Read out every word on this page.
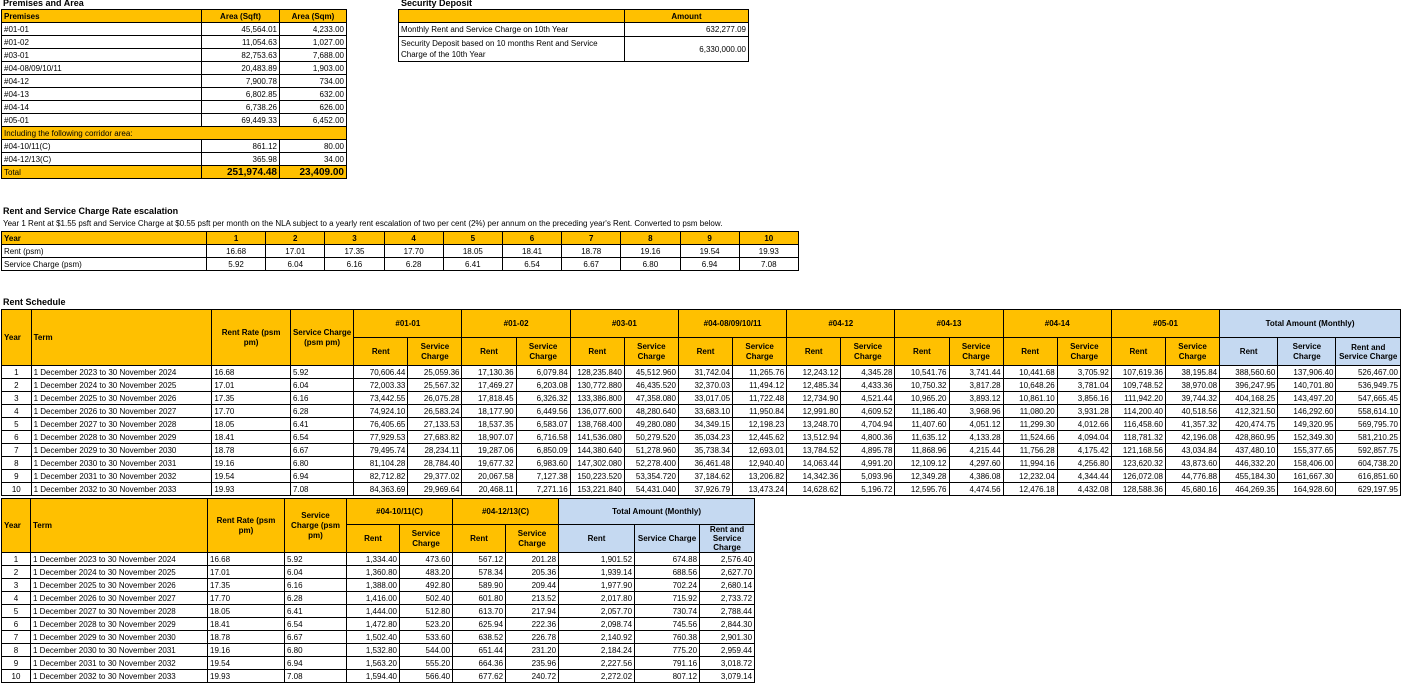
Premises and Area
Premises	Area (Sqft)	Area (Sqm)
#01-01	45,564.01	4,233.00
#01-02	11,054.63	1,027.00
#03-01	82,753.63	7,688.00
#04-08/09/10/11	20,483.89	1,903.00
#04-12	7,900.78	734.00
#04-13	6,802.85	632.00
#04-14	6,738.26	626.00
#05-01	69,449.33	6,452.00
Including the following corridor area:		
#04-10/11(C)	861.12	80.00
#04-12/13(C)	365.98	34.00
Total	251,974.48	23,409.00
Security Deposit
	Amount
Monthly Rent and Service Charge on 10th Year	632,277.09
Security Deposit based on 10 months Rent and Service Charge of the 10th Year	6,330,000.00
Rent and Service Charge Rate escalation
Year 1 Rent at $1.55 psft and Service Charge at $0.55 psft per month on the NLA subject to a yearly rent escalation of two per cent (2%) per annum on the preceding year's Rent. Converted to psm below.
Year	1	2	3	4	5	6	7	8	9	10
Rent (psm)	16.68	17.01	17.35	17.70	18.05	18.41	18.78	19.16	19.54	19.93
Service Charge (psm)	5.92	6.04	6.16	6.28	6.41	6.54	6.67	6.80	6.94	7.08
Rent Schedule
Year	Term	Rent Rate (psm pm)	Service Charge (psm pm)	#01-01		#01-02		#03-01		#04-08/09/10/11		#04-12		#04-13		#04-14		#05-01		Total Amount (Monthly)		
				Rent	Service Charge	Rent	Service Charge	Rent	Service Charge	Rent	Service Charge	Rent	Service Charge	Rent	Service Charge	Rent	Service Charge	Rent	Service Charge	Rent	Service Charge	Rent and Service Charge
1	1 December 2023 to 30 November 2024	16.68	5.92	70,606.44	25,059.36	17,130.36	6,079.84	128,235.840	45,512.960	31,742.04	11,265.76	12,243.12	4,345.28	10,541.76	3,741.44	10,441.68	3,705.92	107,619.36	38,195.84	388,560.60	137,906.40	526,467.00
2	1 December 2024 to 30 November 2025	17.01	6.04	72,003.33	25,567.32	17,469.27	6,203.08	130,772.880	46,435.520	32,370.03	11,494.12	12,485.34	4,433.36	10,750.32	3,817.28	10,648.26	3,781.04	109,748.52	38,970.08	396,247.95	140,701.80	536,949.75
3	1 December 2025 to 30 November 2026	17.35	6.16	73,442.55	26,075.28	17,818.45	6,326.32	133,386.800	47,358.080	33,017.05	11,722.48	12,734.90	4,521.44	10,965.20	3,893.12	10,861.10	3,856.16	111,942.20	39,744.32	404,168.25	143,497.20	547,665.45
4	1 December 2026 to 30 November 2027	17.70	6.28	74,924.10	26,583.24	18,177.90	6,449.56	136,077.600	48,280.640	33,683.10	11,950.84	12,991.80	4,609.52	11,186.40	3,968.96	11,080.20	3,931.28	114,200.40	40,518.56	412,321.50	146,292.60	558,614.10
5	1 December 2027 to 30 November 2028	18.05	6.41	76,405.65	27,133.53	18,537.35	6,583.07	138,768.400	49,280.080	34,349.15	12,198.23	13,248.70	4,704.94	11,407.60	4,051.12	11,299.30	4,012.66	116,458.60	41,357.32	420,474.75	149,320.95	569,795.70
6	1 December 2028 to 30 November 2029	18.41	6.54	77,929.53	27,683.82	18,907.07	6,716.58	141,536.080	50,279.520	35,034.23	12,445.62	13,512.94	4,800.36	11,635.12	4,133.28	11,524.66	4,094.04	118,781.32	42,196.08	428,860.95	152,349.30	581,210.25
7	1 December 2029 to 30 November 2030	18.78	6.67	79,495.74	28,234.11	19,287.06	6,850.09	144,380.640	51,278.960	35,738.34	12,693.01	13,784.52	4,895.78	11,868.96	4,215.44	11,756.28	4,175.42	121,168.56	43,034.84	437,480.10	155,377.65	592,857.75
8	1 December 2030 to 30 November 2031	19.16	6.80	81,104.28	28,784.40	19,677.32	6,983.60	147,302.080	52,278.400	36,461.48	12,940.40	14,063.44	4,991.20	12,109.12	4,297.60	11,994.16	4,256.80	123,620.32	43,873.60	446,332.20	158,406.00	604,738.20
9	1 December 2031 to 30 November 2032	19.54	6.94	82,712.82	29,377.02	20,067.58	7,127.38	150,223.520	53,354.720	37,184.62	13,206.82	14,342.36	5,093.96	12,349.28	4,386.08	12,232.04	4,344.44	126,072.08	44,776.88	455,184.30	161,667.30	616,851.60
10	1 December 2032 to 30 November 2033	19.93	7.08	84,363.69	29,969.64	20,468.11	7,271.16	153,221.840	54,431.040	37,926.79	13,473.24	14,628.62	5,196.72	12,595.76	4,474.56	12,476.18	4,432.08	128,588.36	45,680.16	464,269.35	164,928.60	629,197.95
Year	Term	Rent Rate (psm pm)	Service Charge (psm pm)	#04-10/11(C)		#04-12/13(C)		Total Amount (Monthly)		
				Rent	Service Charge	Rent	Service Charge	Rent	Service Charge	Rent and Service Charge
1	1 December 2023 to 30 November 2024	16.68	5.92	1,334.40	473.60	567.12	201.28	1,901.52	674.88	2,576.40
2	1 December 2024 to 30 November 2025	17.01	6.04	1,360.80	483.20	578.34	205.36	1,939.14	688.56	2,627.70
3	1 December 2025 to 30 November 2026	17.35	6.16	1,388.00	492.80	589.90	209.44	1,977.90	702.24	2,680.14
4	1 December 2026 to 30 November 2027	17.70	6.28	1,416.00	502.40	601.80	213.52	2,017.80	715.92	2,733.72
5	1 December 2027 to 30 November 2028	18.05	6.41	1,444.00	512.80	613.70	217.94	2,057.70	730.74	2,788.44
6	1 December 2028 to 30 November 2029	18.41	6.54	1,472.80	523.20	625.94	222.36	2,098.74	745.56	2,844.30
7	1 December 2029 to 30 November 2030	18.78	6.67	1,502.40	533.60	638.52	226.78	2,140.92	760.38	2,901.30
8	1 December 2030 to 30 November 2031	19.16	6.80	1,532.80	544.00	651.44	231.20	2,184.24	775.20	2,959.44
9	1 December 2031 to 30 November 2032	19.54	6.94	1,563.20	555.20	664.36	235.96	2,227.56	791.16	3,018.72
10	1 December 2032 to 30 November 2033	19.93	7.08	1,594.40	566.40	677.62	240.72	2,272.02	807.12	3,079.14
